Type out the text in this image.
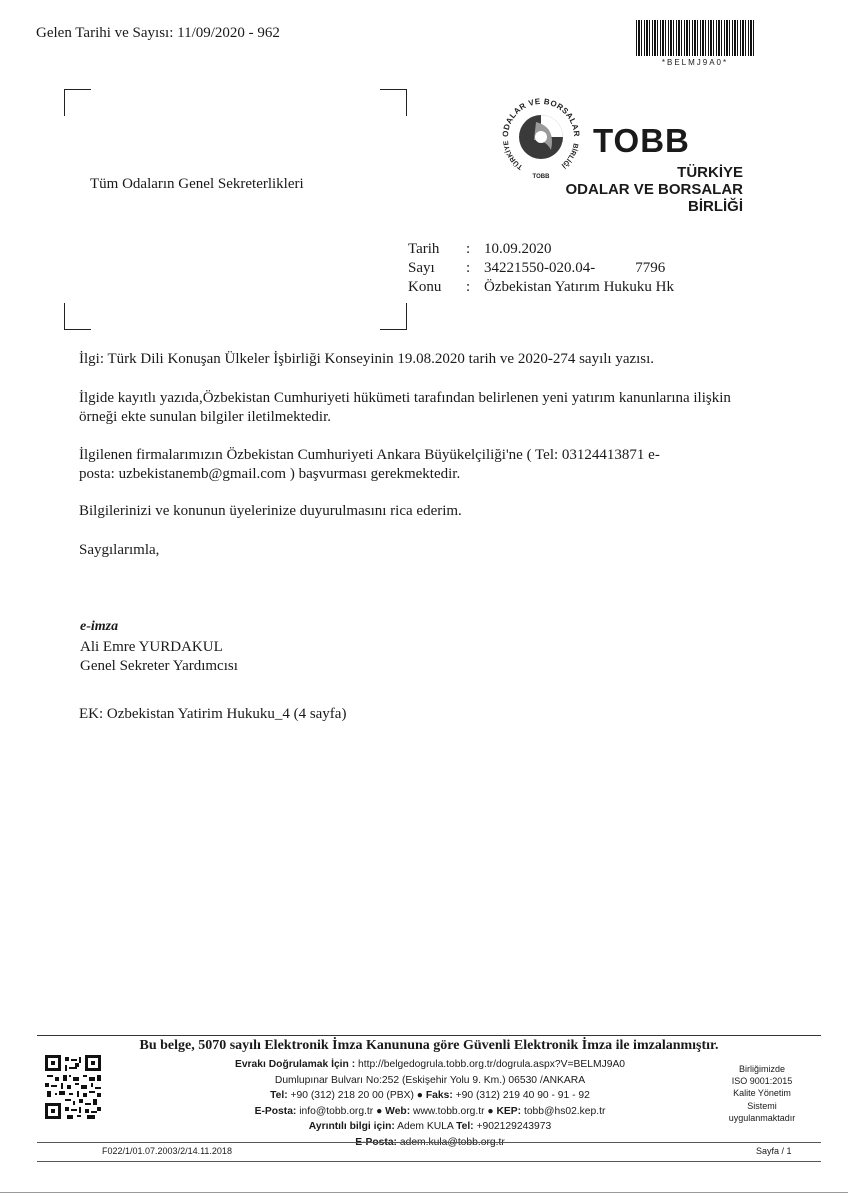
Gelen Tarihi ve Sayısı: 11/09/2020 - 962
*BELMJ9A0*
Tüm Odaların Genel Sekreterlikleri
ODALAR VE BORSALAR
TÜRKİYE	BİRLİĞİ
TOBB
TOBB
TÜRKİYE
ODALAR VE BORSALAR
BİRLİĞİ
Tarih	:	10.09.2020
Sayı	:	34221550-020.04- 7796
Konu	:	Özbekistan Yatırım Hukuku Hk
İlgi: Türk Dili Konuşan Ülkeler İşbirliği Konseyinin 19.08.2020 tarih ve 2020-274 sayılı yazısı.
İlgide kayıtlı yazıda,Özbekistan Cumhuriyeti hükümeti tarafından belirlenen yeni yatırım kanunlarına ilişkin örneği ekte sunulan bilgiler iletilmektedir.
İlgilenen firmalarımızın Özbekistan Cumhuriyeti Ankara Büyükelçiliği'ne ( Tel: 03124413871 e-
posta: uzbekistanemb@gmail.com ) başvurması gerekmektedir.
Bilgilerinizi ve konunun üyelerinize duyurulmasını rica ederim.
Saygılarımla,
e-imza
Ali Emre YURDAKUL
Genel Sekreter Yardımcısı
EK: Ozbekistan Yatirim Hukuku_4 (4 sayfa)
Bu belge, 5070 sayılı Elektronik İmza Kanununa göre Güvenli Elektronik İmza ile imzalanmıştır.
Evrakı Doğrulamak İçin : http://belgedogrula.tobb.org.tr/dogrula.aspx?V=BELMJ9A0
Dumlupınar Bulvarı No:252 (Eskişehir Yolu 9. Km.) 06530 /ANKARA
Tel: +90 (312) 218 20 00 (PBX) ● Faks: +90 (312) 219 40 90 - 91 - 92
E-Posta: info@tobb.org.tr ● Web: www.tobb.org.tr ● KEP: tobb@hs02.kep.tr
Ayrıntılı bilgi için: Adem KULA Tel: +902129243973
E-Posta: adem.kula@tobb.org.tr
Birliğimizde
ISO 9001:2015
Kalite Yönetim
Sistemi
uygulanmaktadır
F022/1/01.07.2003/2/14.11.2018	Sayfa / 1
